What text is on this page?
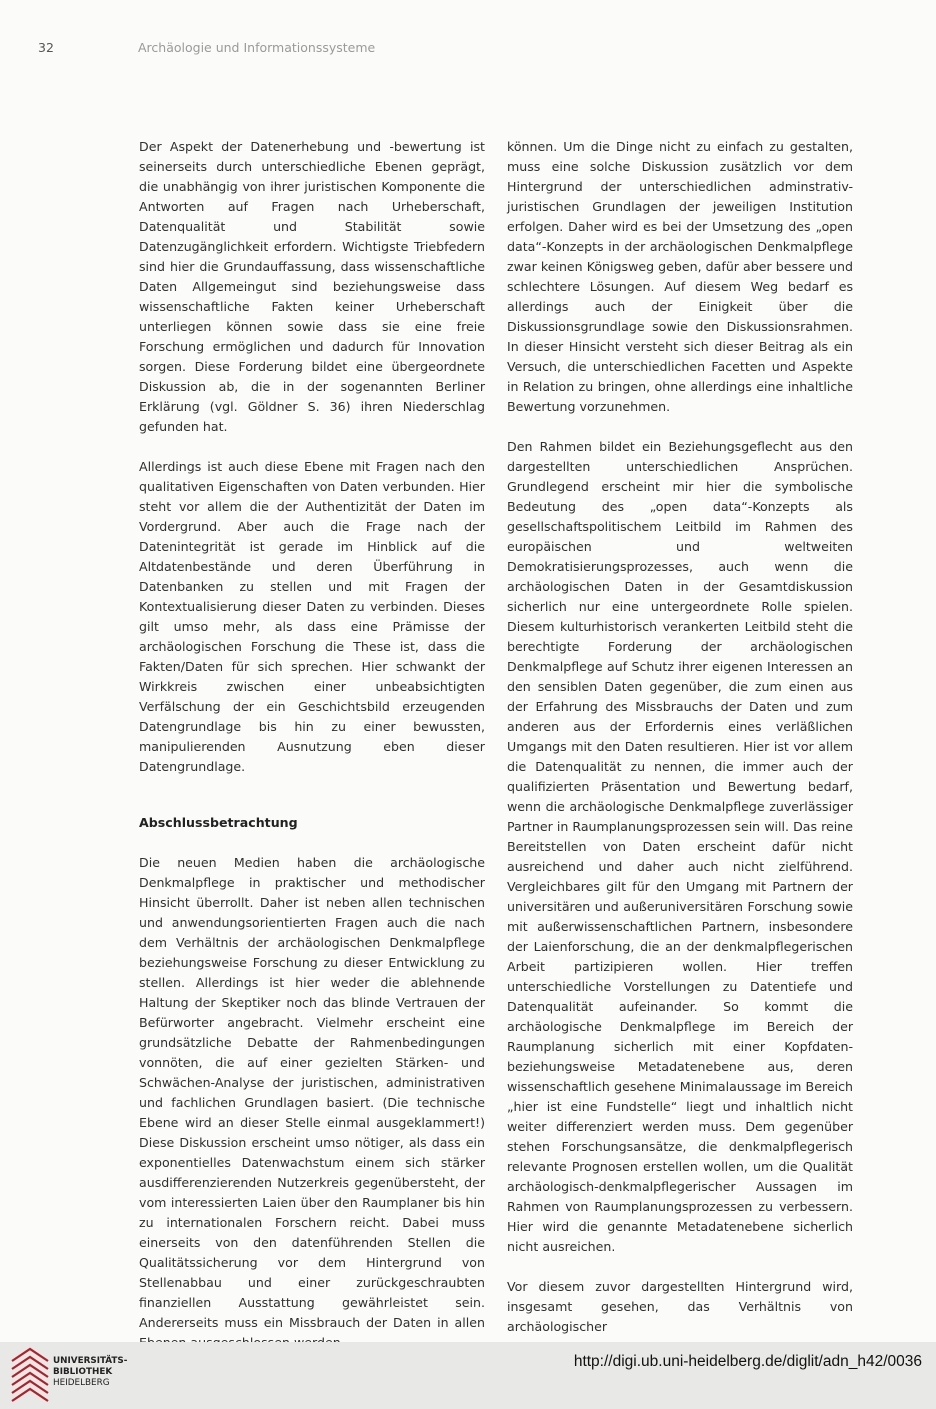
32	Archäologie und Informationssysteme

Der Aspekt der Datenerhebung und -bewertung ist seinerseits durch unterschiedliche Ebenen geprägt, die unabhängig von ihrer juristischen Komponente die Antworten auf Fragen nach Urheberschaft, Datenqualität und Stabilität sowie Datenzugänglichkeit erfordern. Wichtigste Triebfedern sind hier die Grundauffassung, dass wissenschaftliche Daten Allgemeingut sind beziehungsweise dass wissenschaftliche Fakten keiner Urheberschaft unterliegen können sowie dass sie eine freie Forschung ermöglichen und dadurch für Innovation sorgen. Diese Forderung bildet eine übergeordnete Diskussion ab, die in der sogenannten Berliner Erklärung (vgl. Göldner S. 36) ihren Niederschlag gefunden hat.

Allerdings ist auch diese Ebene mit Fragen nach den qualitativen Eigenschaften von Daten verbunden. Hier steht vor allem die der Authentizität der Daten im Vordergrund. Aber auch die Frage nach der Datenintegrität ist gerade im Hinblick auf die Altdatenbestände und deren Überführung in Datenbanken zu stellen und mit Fragen der Kontextualisierung dieser Daten zu verbinden. Dieses gilt umso mehr, als dass eine Prämisse der archäologischen Forschung die These ist, dass die Fakten/Daten für sich sprechen. Hier schwankt der Wirkkreis zwischen einer unbeabsichtigten Verfälschung der ein Geschichtsbild erzeugenden Datengrundlage bis hin zu einer bewussten, manipulierenden Ausnutzung eben dieser Datengrundlage.

Abschlussbetrachtung

Die neuen Medien haben die archäologische Denkmalpflege in praktischer und methodischer Hinsicht überrollt. Daher ist neben allen technischen und anwendungsorientierten Fragen auch die nach dem Verhältnis der archäologischen Denkmalpflege beziehungsweise Forschung zu dieser Entwicklung zu stellen. Allerdings ist hier weder die ablehnende Haltung der Skeptiker noch das blinde Vertrauen der Befürworter angebracht. Vielmehr erscheint eine grundsätzliche Debatte der Rahmenbedingungen vonnöten, die auf einer gezielten Stärken- und Schwächen-Analyse der juristischen, administrativen und fachlichen Grundlagen basiert. (Die technische Ebene wird an dieser Stelle einmal ausgeklammert!) Diese Diskussion erscheint umso nötiger, als dass ein exponentielles Datenwachstum einem sich stärker ausdifferenzierenden Nutzerkreis gegenübersteht, der vom interessierten Laien über den Raumplaner bis hin zu internationalen Forschern reicht. Dabei muss einerseits von den datenführenden Stellen die Qualitätssicherung vor dem Hintergrund von Stellenabbau und einer zurückgeschraubten finanziellen Ausstattung gewährleistet sein. Andererseits muss ein Missbrauch der Daten in allen

können. Um die Dinge nicht zu einfach zu gestalten, muss eine solche Diskussion zusätzlich vor dem Hintergrund der unterschiedlichen adminstrativ-juristischen Grundlagen der jeweiligen Institution erfolgen. Daher wird es bei der Umsetzung des „open data“-Konzepts in der archäologischen Denkmalpflege zwar keinen Königsweg geben, dafür aber bessere und schlechtere Lösungen. Auf diesem Weg bedarf es allerdings auch der Einigkeit über die Diskussionsgrundlage sowie den Diskussionsrahmen. In dieser Hinsicht versteht sich dieser Beitrag als ein Versuch, die unterschiedlichen Facetten und Aspekte in Relation zu bringen, ohne allerdings eine inhaltliche Bewertung vorzunehmen.

Den Rahmen bildet ein Beziehungsgeflecht aus den dargestellten unterschiedlichen Ansprüchen. Grundlegend erscheint mir hier die symbolische Bedeutung des „open data“-Konzepts als gesellschaftspolitischem Leitbild im Rahmen des europäischen und weltweiten Demokratisierungsprozesses, auch wenn die archäologischen Daten in der Gesamtdiskussion sicherlich nur eine untergeordnete Rolle spielen. Diesem kulturhistorisch verankerten Leitbild steht die berechtigte Forderung der archäologischen Denkmalpflege auf Schutz ihrer eigenen Interessen an den sensiblen Daten gegenüber, die zum einen aus der Erfahrung des Missbrauchs der Daten und zum anderen aus der Erfordernis eines verläßlichen Umgangs mit den Daten resultieren. Hier ist vor allem die Datenqualität zu nennen, die immer auch der qualifizierten Präsentation und Bewertung bedarf, wenn die archäologische Denkmalpflege zuverlässiger Partner in Raumplanungsprozessen sein will. Das reine Bereitstellen von Daten erscheint dafür nicht ausreichend und daher auch nicht zielführend. Vergleichbares gilt für den Umgang mit Partnern der universitären und außeruniversitären Forschung sowie mit außerwissenschaftlichen Partnern, insbesondere der Laienforschung, die an der denkmalpflegerischen Arbeit partizipieren wollen. Hier treffen unterschiedliche Vorstellungen zu Datentiefe und Datenqualität aufeinander. So kommt die archäologische Denkmalpflege im Bereich der Raumplanung sicherlich mit einer Kopfdaten- beziehungsweise Metadatenebene aus, deren wissenschaftlich gesehene Minimalaussage im Bereich „hier ist eine Fundstelle“ liegt und inhaltlich nicht weiter differenziert werden muss. Dem gegenüber stehen Forschungsansätze, die denkmalpflegerisch relevante Prognosen erstellen wollen, um die Qualität archäologisch-denkmalpflegerischer Aussagen im Rahmen von Raumplanungsprozessen zu verbessern. Hier wird die genannte Metadatenebene sicherlich nicht ausreichen.

Vor diesem zuvor dargestellten Hintergrund wird, insgesamt gesehen, das Verhältnis von archäologischer

UNIVERSITÄTS-
BIBLIOTHEK
HEIDELBERG
http://digi.ub.uni-heidelberg.de/diglit/adn_h42/0036
